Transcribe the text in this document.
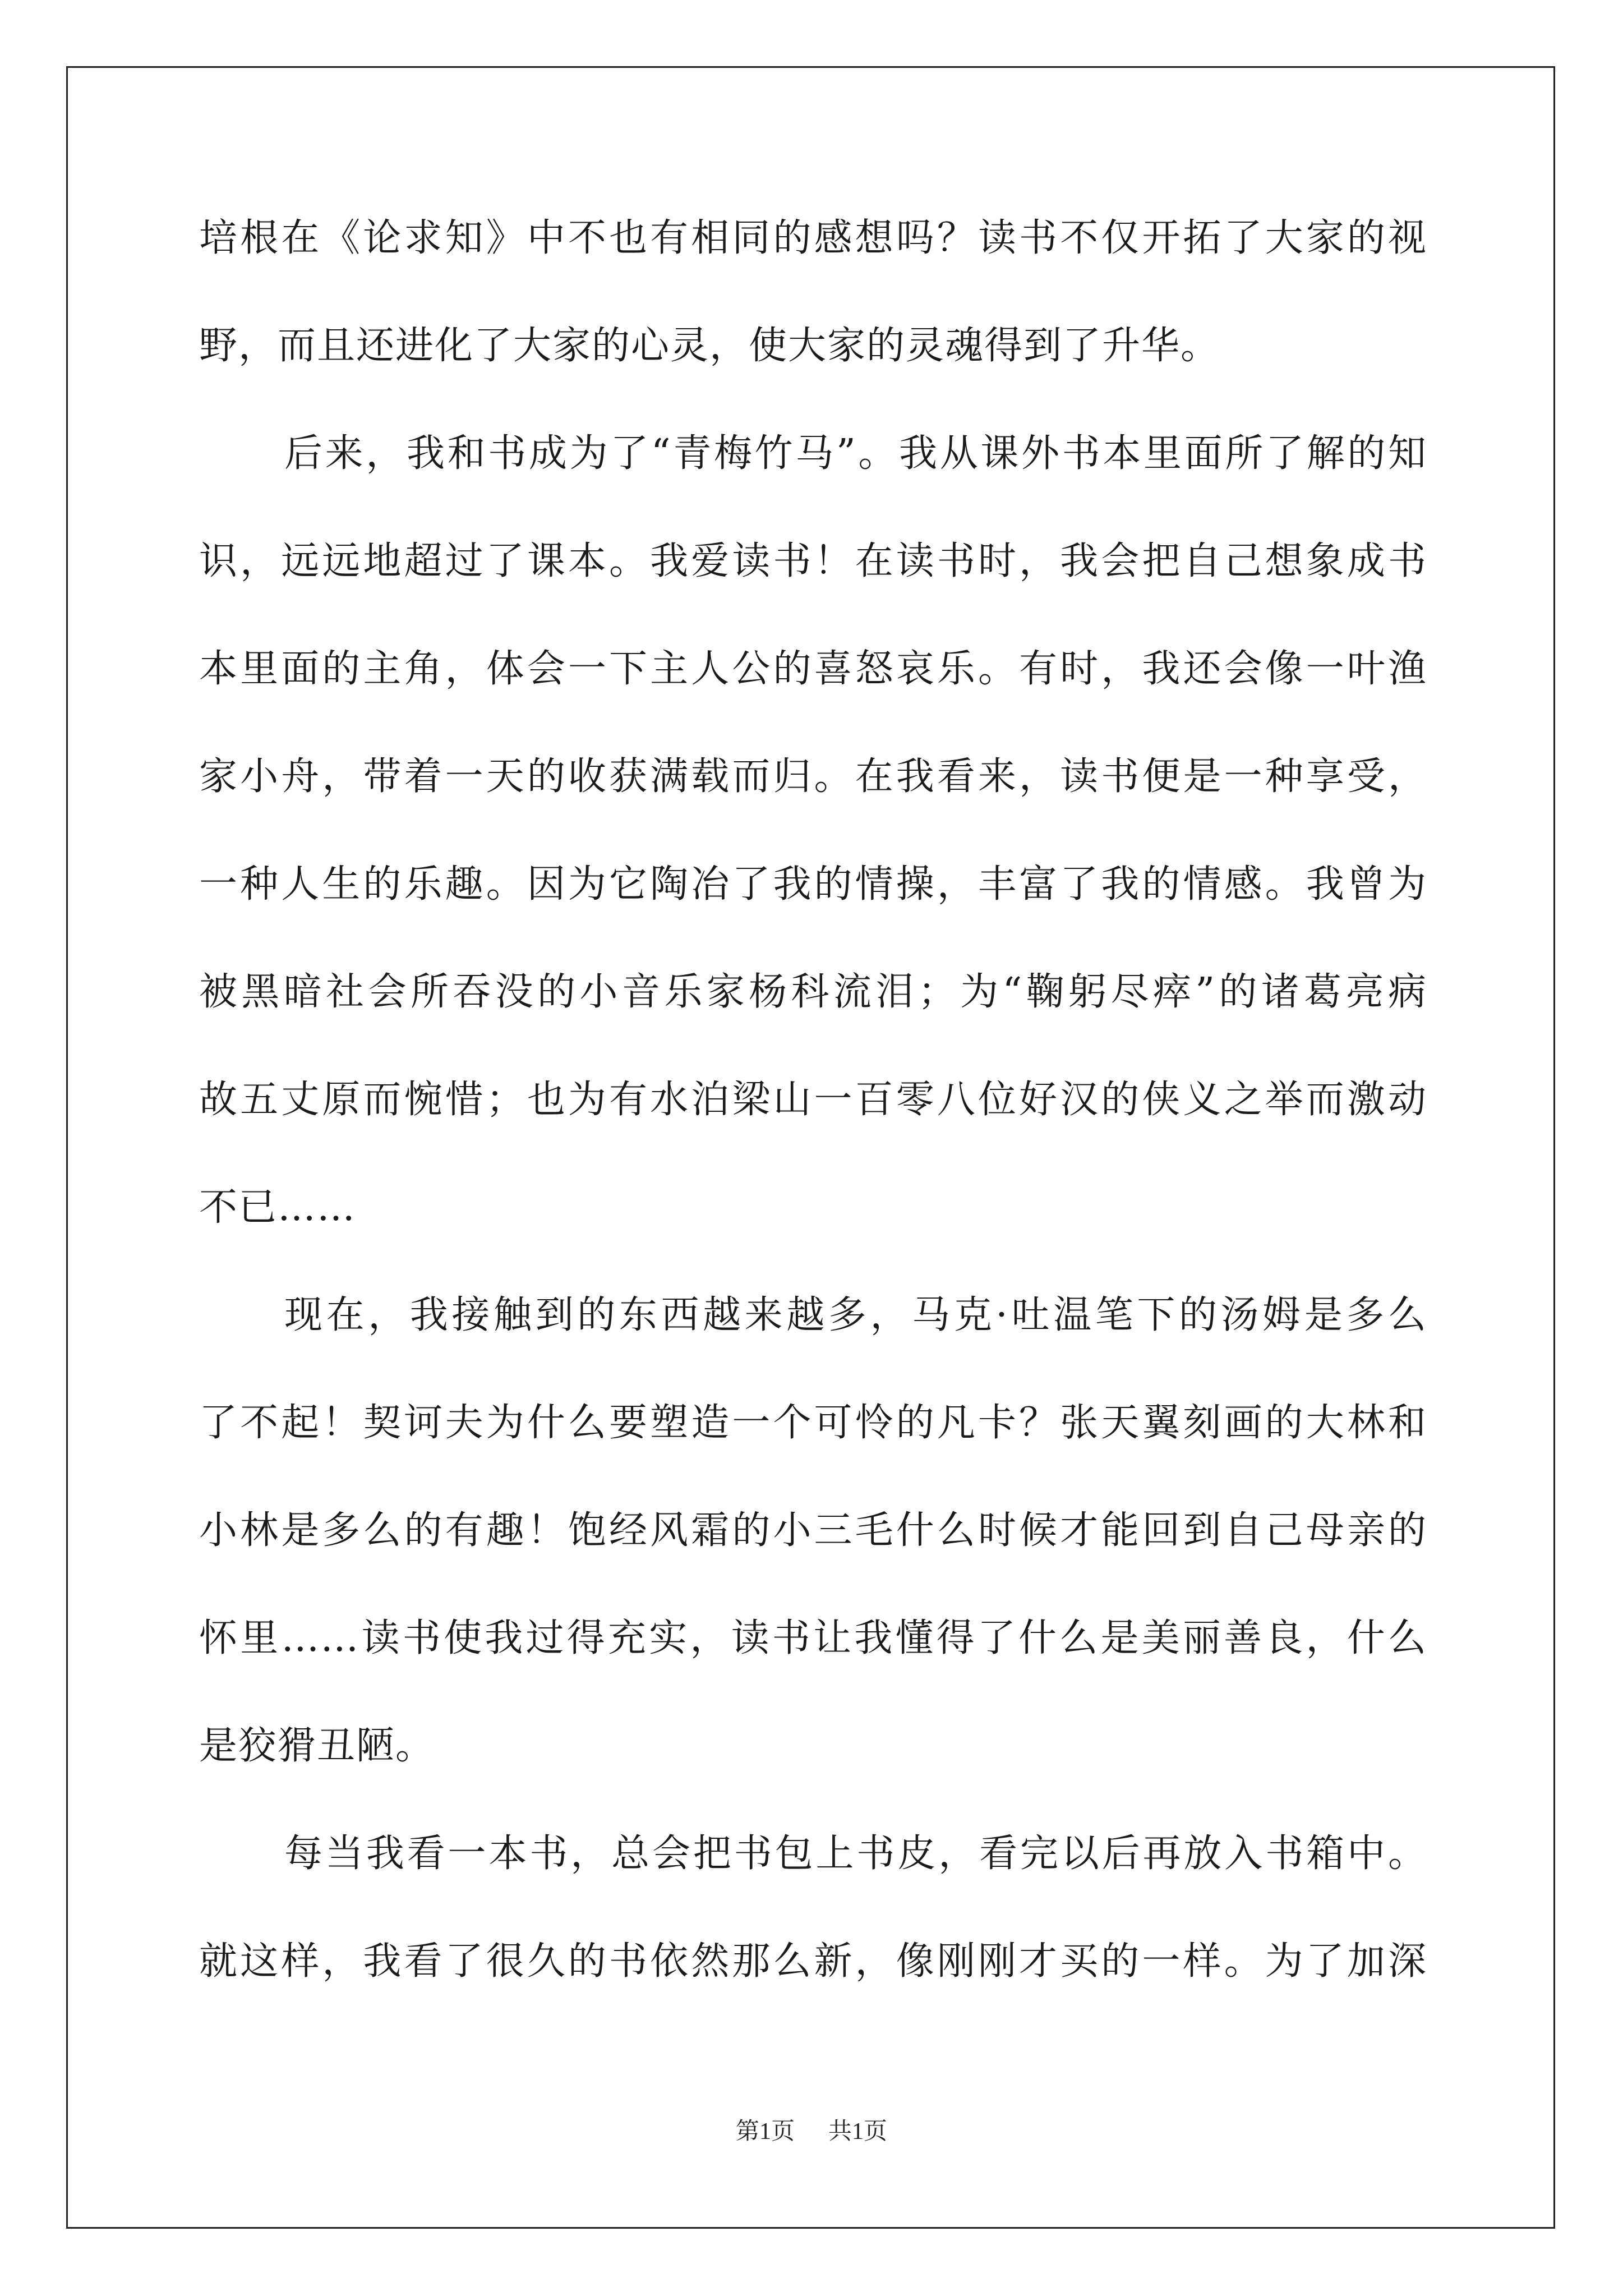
培根在《论求知》中不也有相同的感想吗？读书不仅开拓了大家的视
野，而且还进化了大家的心灵，使大家的灵魂得到了升华。
后来，我和书成为了“青梅竹马”。我从课外书本里面所了解的知
识，远远地超过了课本。我爱读书！在读书时，我会把自己想象成书
本里面的主角，体会一下主人公的喜怒哀乐。有时，我还会像一叶渔
家小舟，带着一天的收获满载而归。在我看来，读书便是一种享受，
一种人生的乐趣。因为它陶冶了我的情操，丰富了我的情感。我曾为
被黑暗社会所吞没的小音乐家杨科流泪；为“鞠躬尽瘁”的诸葛亮病
故五丈原而惋惜；也为有水泊梁山一百零八位好汉的侠义之举而激动
不已……
现在，我接触到的东西越来越多，马克·吐温笔下的汤姆是多么
了不起！契诃夫为什么要塑造一个可怜的凡卡？张天翼刻画的大林和
小林是多么的有趣！饱经风霜的小三毛什么时候才能回到自己母亲的
怀里……读书使我过得充实，读书让我懂得了什么是美丽善良，什么
是狡猾丑陋。
每当我看一本书，总会把书包上书皮，看完以后再放入书箱中。
就这样，我看了很久的书依然那么新，像刚刚才买的一样。为了加深
第1页 共1页
